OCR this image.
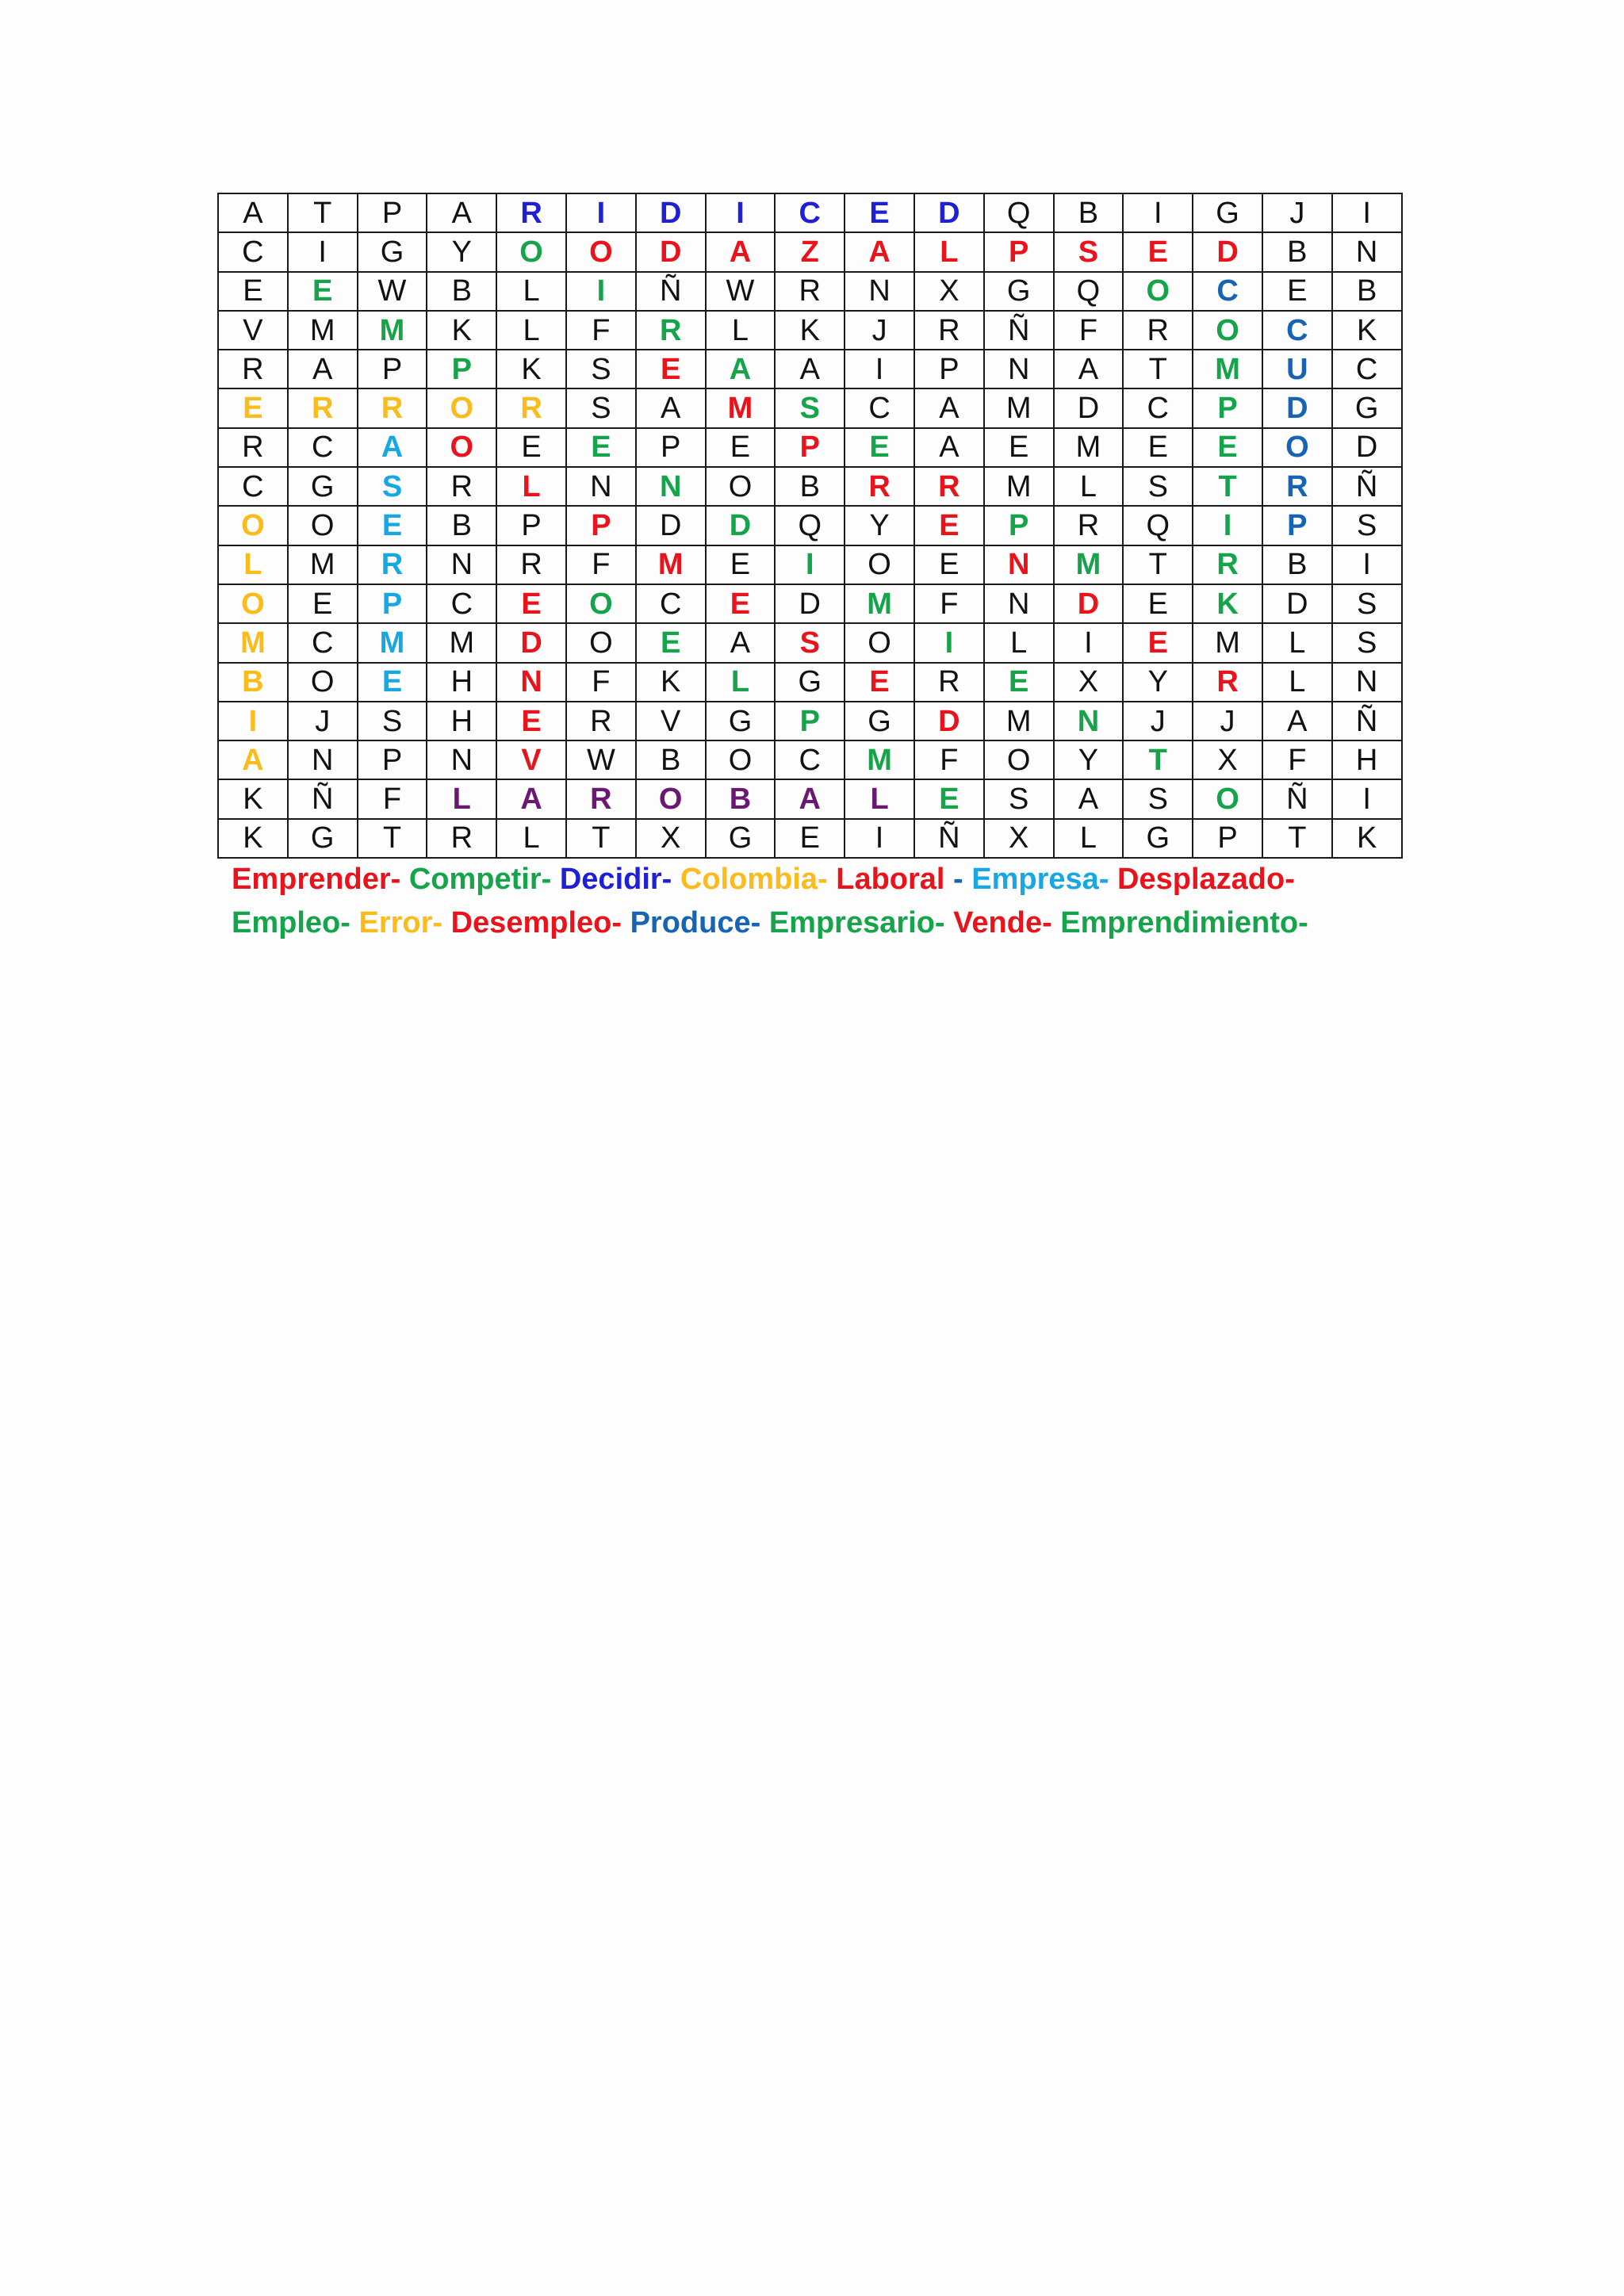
A	T	P	A	R	I	D	I	C	E	D	Q	B	I	G	J	I
C	I	G	Y	O	O	D	A	Z	A	L	P	S	E	D	B	N
E	E	W	B	L	I	Ñ	W	R	N	X	G	Q	O	C	E	B
V	M	M	K	L	F	R	L	K	J	R	Ñ	F	R	O	C	K
R	A	P	P	K	S	E	A	A	I	P	N	A	T	M	U	C
E	R	R	O	R	S	A	M	S	C	A	M	D	C	P	D	G
R	C	A	O	E	E	P	E	P	E	A	E	M	E	E	O	D
C	G	S	R	L	N	N	O	B	R	R	M	L	S	T	R	Ñ
O	O	E	B	P	P	D	D	Q	Y	E	P	R	Q	I	P	S
L	M	R	N	R	F	M	E	I	O	E	N	M	T	R	B	I
O	E	P	C	E	O	C	E	D	M	F	N	D	E	K	D	S
M	C	M	M	D	O	E	A	S	O	I	L	I	E	M	L	S
B	O	E	H	N	F	K	L	G	E	R	E	X	Y	R	L	N
I	J	S	H	E	R	V	G	P	G	D	M	N	J	J	A	Ñ
A	N	P	N	V	W	B	O	C	M	F	O	Y	T	X	F	H
K	Ñ	F	L	A	R	O	B	A	L	E	S	A	S	O	Ñ	I
K	G	T	R	L	T	X	G	E	I	Ñ	X	L	G	P	T	K
Emprender- Competir- Decidir- Colombia- Laboral - Empresa- Desplazado- Empleo- Error- Desempleo- Produce- Empresario- Vende- Emprendimiento-
